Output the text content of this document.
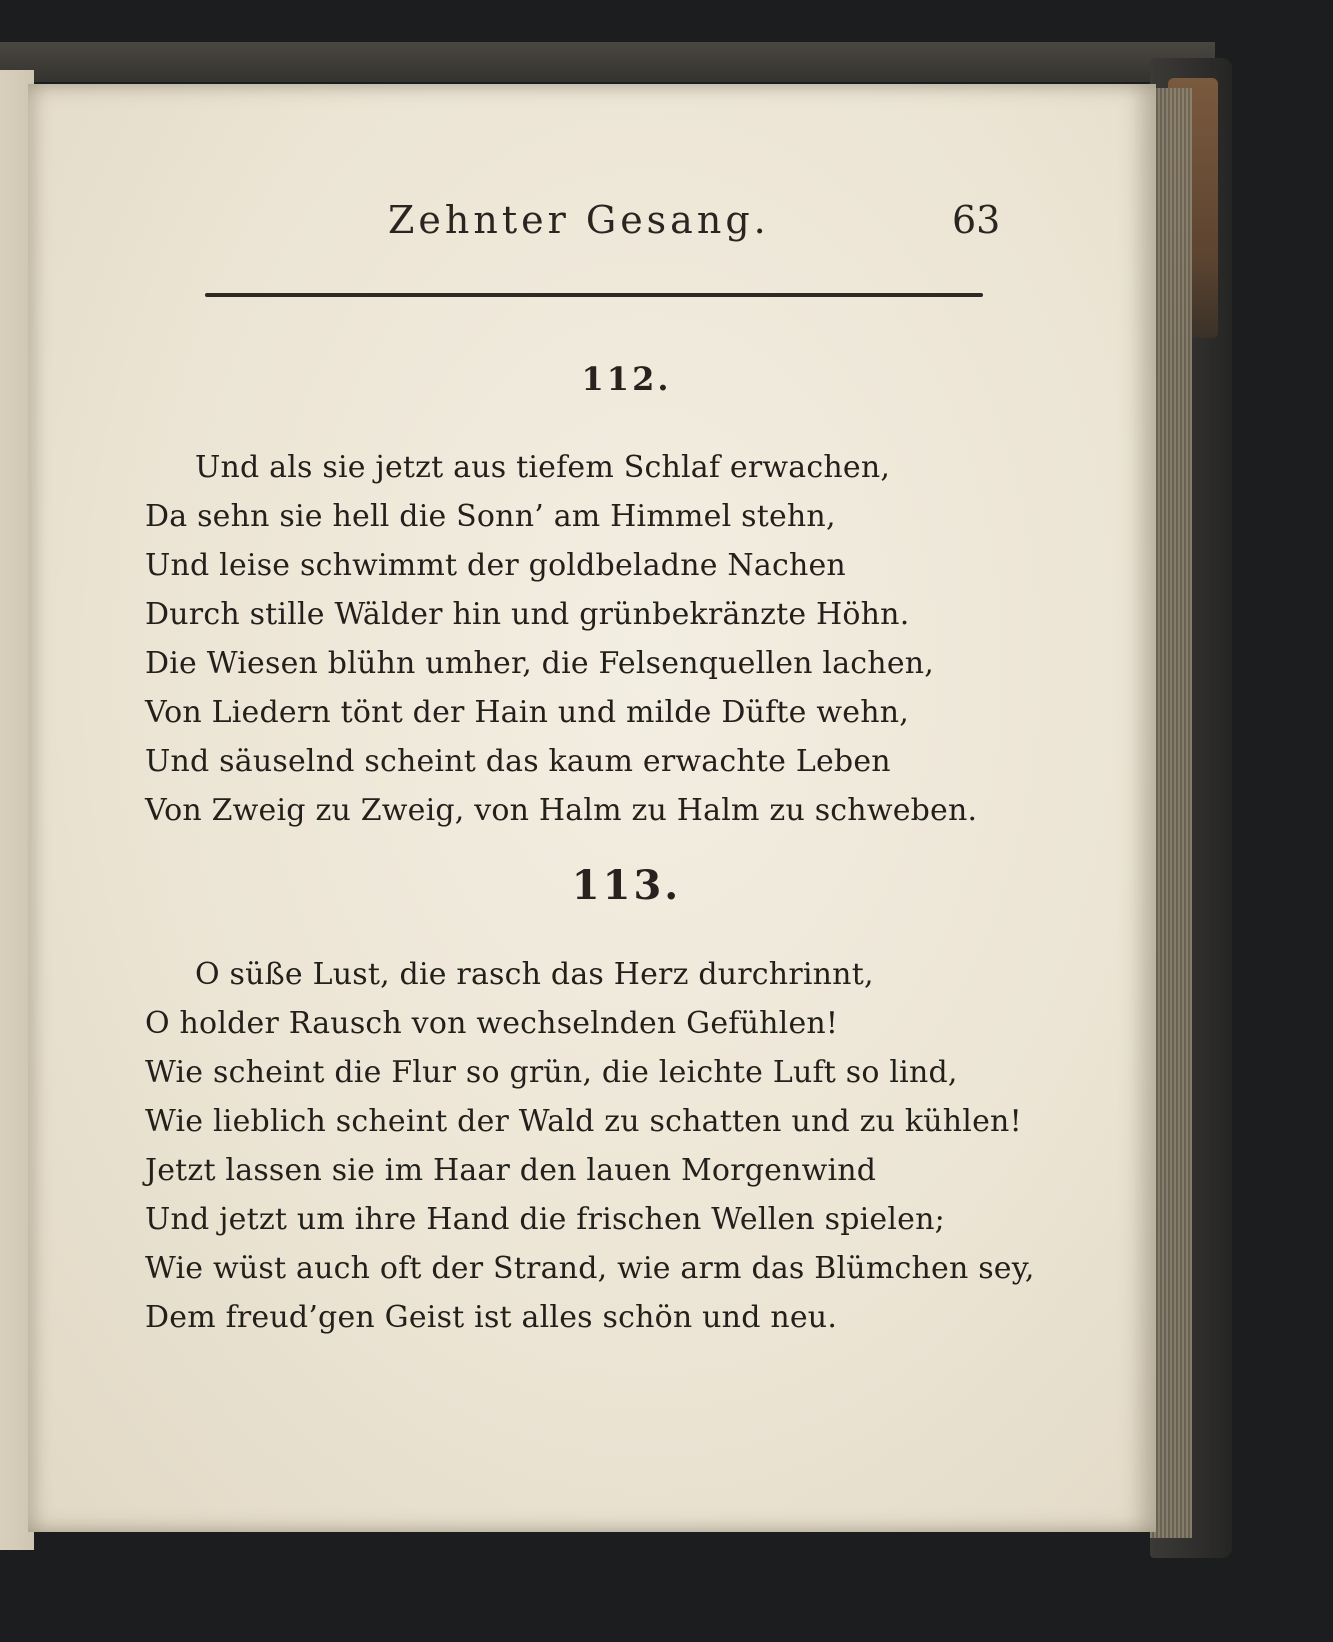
Zehnter Gesang.	63
112.
Und als sie jetzt aus tiefem Schlaf erwachen,
Da sehn sie hell die Sonn’ am Himmel stehn,
Und leise schwimmt der goldbeladne Nachen
Durch stille Wälder hin und grünbekränzte Höhn.
Die Wiesen blühn umher, die Felsenquellen lachen,
Von Liedern tönt der Hain und milde Düfte wehn,
Und säuselnd scheint das kaum erwachte Leben
Von Zweig zu Zweig, von Halm zu Halm zu schweben.
113.
O süße Lust, die rasch das Herz durchrinnt,
O holder Rausch von wechselnden Gefühlen!
Wie scheint die Flur so grün, die leichte Luft so lind,
Wie lieblich scheint der Wald zu schatten und zu kühlen!
Jetzt lassen sie im Haar den lauen Morgenwind
Und jetzt um ihre Hand die frischen Wellen spielen;
Wie wüst auch oft der Strand, wie arm das Blümchen sey,
Dem freud’gen Geist ist alles schön und neu.
